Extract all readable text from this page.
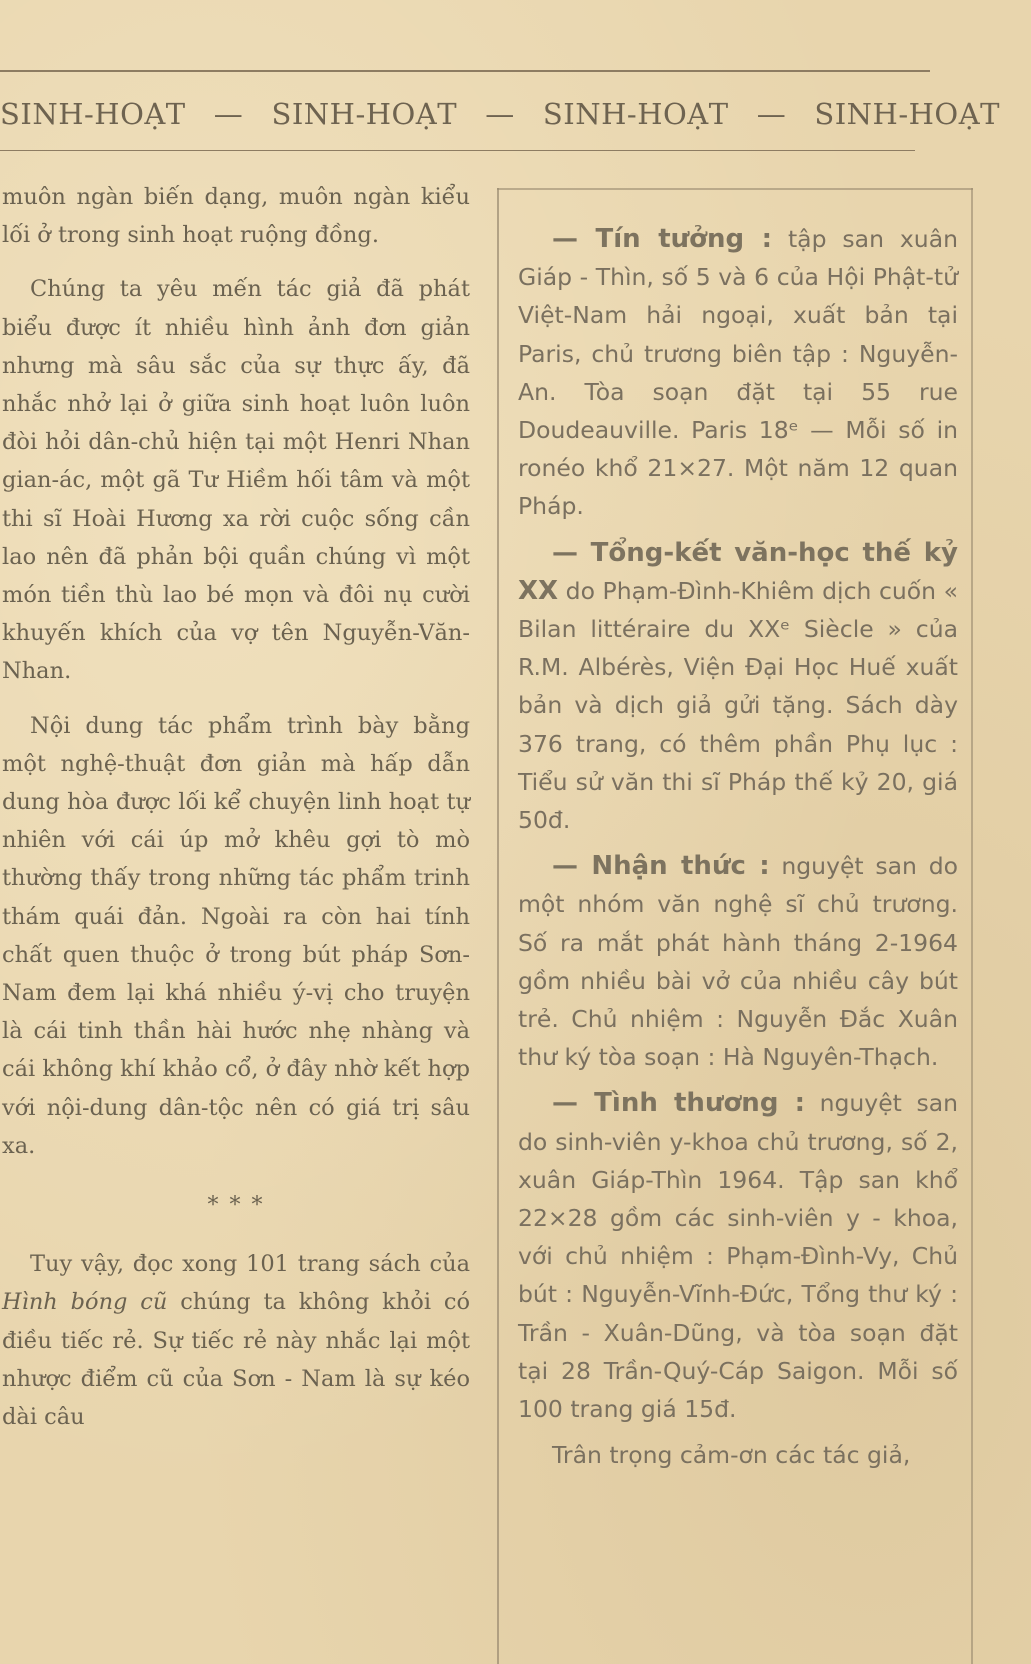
SINH-HOẠT — SINH-HOẠT — SINH-HOẠT — SINH-HOẠT

muôn ngàn biến dạng, muôn ngàn kiểu lối ở trong sinh hoạt ruộng đồng.

Chúng ta yêu mến tác giả đã phát biểu được ít nhiều hình ảnh đơn giản nhưng mà sâu sắc của sự thực ấy, đã nhắc nhở lại ở giữa sinh hoạt luôn luôn đòi hỏi dân-chủ hiện tại một Henri Nhan gian-ác, một gã Tư Hiềm hối tâm và một thi sĩ Hoài Hương xa rời cuộc sống cần lao nên đã phản bội quần chúng vì một món tiền thù lao bé mọn và đôi nụ cười khuyến khích của vợ tên Nguyễn-Văn-Nhan.

Nội dung tác phẩm trình bày bằng một nghệ-thuật đơn giản mà hấp dẫn dung hòa được lối kể chuyện linh hoạt tự nhiên với cái úp mở khêu gợi tò mò thường thấy trong những tác phẩm trinh thám quái đản. Ngoài ra còn hai tính chất quen thuộc ở trong bút pháp Sơn-Nam đem lại khá nhiều ý-vị cho truyện là cái tinh thần hài hước nhẹ nhàng và cái không khí khảo cổ, ở đây nhờ kết hợp với nội-dung dân-tộc nên có giá trị sâu xa.

* * *

Tuy vậy, đọc xong 101 trang sách của Hình bóng cũ chúng ta không khỏi có điều tiếc rẻ. Sự tiếc rẻ này nhắc lại một nhược điểm cũ của Sơn - Nam là sự kéo dài câu

— Tín tưởng : tập san xuân Giáp - Thìn, số 5 và 6 của Hội Phật-tử Việt-Nam hải ngoại, xuất bản tại Paris, chủ trương biên tập : Nguyễn-An. Tòa soạn đặt tại 55 rue Doudeauville. Paris 18ᵉ — Mỗi số in ronéo khổ 21×27. Một năm 12 quan Pháp.

— Tổng-kết văn-học thế kỷ XX do Phạm-Đình-Khiêm dịch cuốn « Bilan littéraire du XXᵉ Siècle » của R.M. Albérès, Viện Đại Học Huế xuất bản và dịch giả gửi tặng. Sách dày 376 trang, có thêm phần Phụ lục : Tiểu sử văn thi sĩ Pháp thế kỷ 20, giá 50đ.

— Nhận thức : nguyệt san do một nhóm văn nghệ sĩ chủ trương. Số ra mắt phát hành tháng 2-1964 gồm nhiều bài vở của nhiều cây bút trẻ. Chủ nhiệm : Nguyễn Đắc Xuân thư ký tòa soạn : Hà Nguyên-Thạch.

— Tình thương : nguyệt san do sinh-viên y-khoa chủ trương, số 2, xuân Giáp-Thìn 1964. Tập san khổ 22×28 gồm các sinh-viên y - khoa, với chủ nhiệm : Phạm-Đình-Vy, Chủ bút : Nguyễn-Vĩnh-Đức, Tổng thư ký : Trần - Xuân-Dũng, và tòa soạn đặt tại 28 Trần-Quý-Cáp Saigon. Mỗi số 100 trang giá 15đ.

Trân trọng cảm-ơn các tác giả,
